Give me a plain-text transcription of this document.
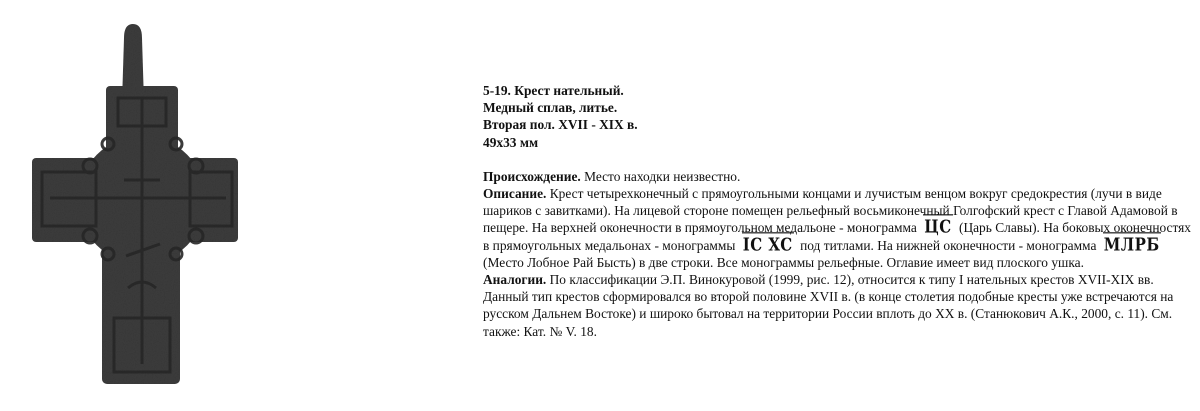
5-19. Крест нательный.
Медный сплав, литье.
Вторая пол. XVII - XIX в.
49x33 мм
Происхождение. Место находки неизвестно.
Описание. Крест четырехконечный с прямоугольными концами и лучистым венцом вокруг средокрестия (лучи в виде шариков с завитками). На лицевой стороне помещен рельефный восьмиконечный Голгофский крест с Главой Адамовой в пещере. На верхней оконечности в прямоугольном медальоне - монограмма ЦС (Царь Славы). На боковых оконечностях в прямоугольных медальонах - монограммы IC XC под титлами. На нижней оконечности - монограмма МЛРБ (Место Лобное Рай Бысть) в две строки. Все монограммы рельефные. Оглавие имеет вид плоского ушка.
Аналогии. По классификации Э.П. Винокуровой (1999, рис. 12), относится к типу I нательных крестов XVII-XIX вв. Данный тип крестов сформировался во второй половине XVII в. (в конце столетия подобные кресты уже встречаются на русском Дальнем Востоке) и широко бытовал на территории России вплоть до XX в. (Станюкович А.К., 2000, с. 11). См. также: Кат. № V. 18.
